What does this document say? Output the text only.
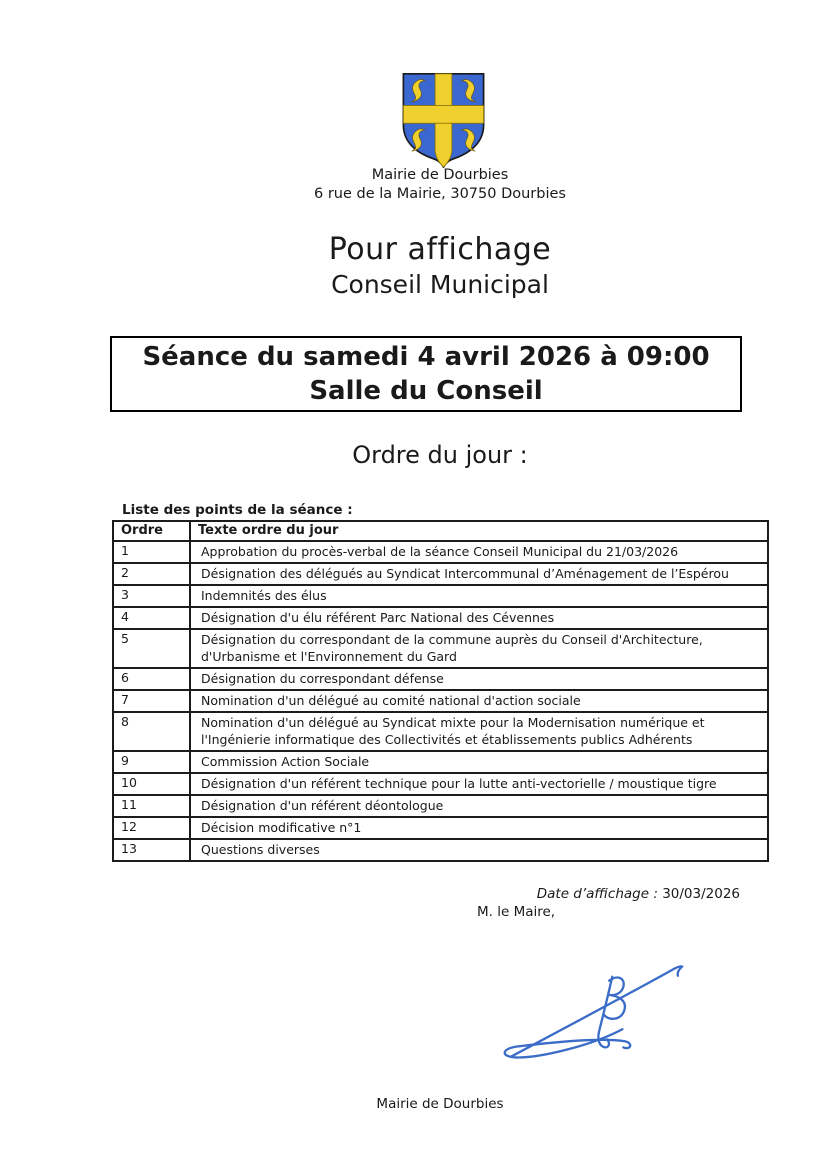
Mairie de Dourbies
6 rue de la Mairie, 30750 Dourbies
Pour affichage
Conseil Municipal
Séance du samedi 4 avril 2026 à 09:00
Salle du Conseil
Ordre du jour :
Liste des points de la séance :
Ordre	Texte ordre du jour
1	Approbation du procès-verbal de la séance Conseil Municipal du 21/03/2026
2	Désignation des délégués au Syndicat Intercommunal d’Aménagement de l’Espérou
3	Indemnités des élus
4	Désignation d'u élu référent Parc National des Cévennes
5	Désignation du correspondant de la commune auprès du Conseil d'Architecture, d'Urbanisme et l'Environnement du Gard
6	Désignation du correspondant défense
7	Nomination d'un délégué au comité national d'action sociale
8	Nomination d'un délégué au Syndicat mixte pour la Modernisation numérique et l'Ingénierie informatique des Collectivités et établissements publics Adhérents
9	Commission Action Sociale
10	Désignation d'un référent technique pour la lutte anti-vectorielle / moustique tigre
11	Désignation d'un référent déontologue
12	Décision modificative n°1
13	Questions diverses
Date d’affichage : 30/03/2026
M. le Maire,
Mairie de Dourbies
